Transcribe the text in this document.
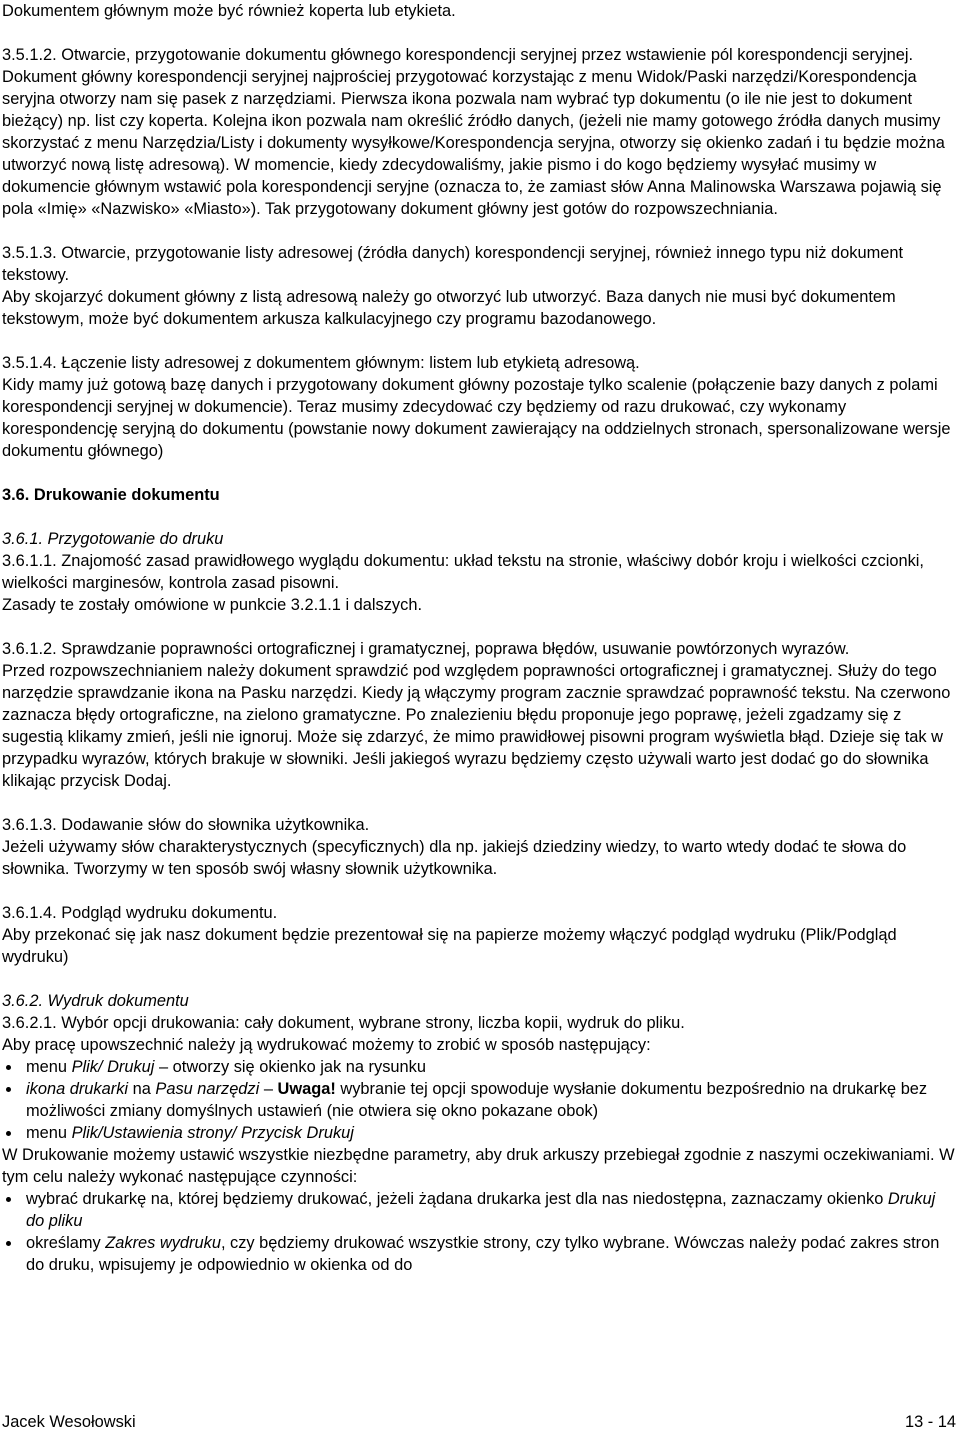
Dokumentem głównym może być również koperta lub etykieta.

3.5.1.2. Otwarcie, przygotowanie dokumentu głównego korespondencji seryjnej przez wstawienie pól korespondencji seryjnej.

Dokument główny korespondencji seryjnej najprościej przygotować korzystając z menu Widok/Paski narzędzi/Korespondencja seryjna otworzy nam się pasek z narzędziami. Pierwsza ikona pozwala nam wybrać typ dokumentu (o ile nie jest to dokument bieżący) np. list czy koperta. Kolejna ikon pozwala nam określić źródło danych, (jeżeli nie mamy gotowego źródła danych musimy skorzystać z menu Narzędzia/Listy i dokumenty wysyłkowe/Korespondencja seryjna, otworzy się okienko zadań i tu będzie można utworzyć nową listę adresową). W momencie, kiedy zdecydowaliśmy, jakie pismo i do kogo będziemy wysyłać musimy w dokumencie głównym wstawić pola korespondencji seryjne (oznacza to, że zamiast słów Anna Malinowska Warszawa pojawią się pola «Imię» «Nazwisko» «Miasto»). Tak przygotowany dokument główny jest gotów do rozpowszechniania.

3.5.1.3. Otwarcie, przygotowanie listy adresowej (źródła danych) korespondencji seryjnej, również innego typu niż dokument tekstowy.

Aby skojarzyć dokument główny z listą adresową należy go otworzyć lub utworzyć. Baza danych nie musi być dokumentem tekstowym, może być dokumentem arkusza kalkulacyjnego czy programu bazodanowego.

3.5.1.4. Łączenie listy adresowej z dokumentem głównym: listem lub etykietą adresową.

Kidy mamy już gotową bazę danych i przygotowany dokument główny pozostaje tylko scalenie (połączenie bazy danych z polami korespondencji seryjnej w dokumencie). Teraz musimy zdecydować czy będziemy od razu drukować, czy wykonamy korespondencję seryjną do dokumentu (powstanie nowy dokument zawierający na oddzielnych stronach, spersonalizowane wersje dokumentu głównego)

3.6. Drukowanie dokumentu

3.6.1. Przygotowanie do druku

3.6.1.1. Znajomość zasad prawidłowego wyglądu dokumentu: układ tekstu na stronie, właściwy dobór kroju i wielkości czcionki, wielkości marginesów, kontrola zasad pisowni.

Zasady te zostały omówione w punkcie 3.2.1.1 i dalszych.

3.6.1.2. Sprawdzanie poprawności ortograficznej i gramatycznej, poprawa błędów, usuwanie powtórzonych wyrazów.

Przed rozpowszechnianiem należy dokument sprawdzić pod względem poprawności ortograficznej i gramatycznej. Służy do tego narzędzie sprawdzanie ikona na Pasku narzędzi. Kiedy ją włączymy program zacznie sprawdzać poprawność tekstu. Na czerwono zaznacza błędy ortograficzne, na zielono gramatyczne. Po znalezieniu błędu proponuje jego poprawę, jeżeli zgadzamy się z sugestią klikamy zmień, jeśli nie ignoruj. Może się zdarzyć, że mimo prawidłowej pisowni program wyświetla błąd. Dzieje się tak w przypadku wyrazów, których brakuje w słowniki. Jeśli jakiegoś wyrazu będziemy często używali warto jest dodać go do słownika klikając przycisk Dodaj.

3.6.1.3. Dodawanie słów do słownika użytkownika.

Jeżeli używamy słów charakterystycznych (specyficznych) dla np. jakiejś dziedziny wiedzy, to warto wtedy dodać te słowa do słownika. Tworzymy w ten sposób swój własny słownik użytkownika.

3.6.1.4. Podgląd wydruku dokumentu.

Aby przekonać się jak nasz dokument będzie prezentował się na papierze możemy włączyć podgląd wydruku (Plik/Podgląd wydruku)

3.6.2. Wydruk dokumentu

3.6.2.1. Wybór opcji drukowania: cały dokument, wybrane strony, liczba kopii, wydruk do pliku.

Aby pracę upowszechnić należy ją wydrukować możemy to zrobić w sposób następujący:

menu Plik/ Drukuj – otworzy się okienko jak na rysunku
ikona drukarki na Pasu narzędzi – Uwaga! wybranie tej opcji spowoduje wysłanie dokumentu bezpośrednio na drukarkę bez możliwości zmiany domyślnych ustawień (nie otwiera się okno pokazane obok)
menu Plik/Ustawienia strony/ Przycisk Drukuj

W Drukowanie możemy ustawić wszystkie niezbędne parametry, aby druk arkuszy przebiegał zgodnie z naszymi oczekiwaniami. W tym celu należy wykonać następujące czynności:

wybrać drukarkę na, której będziemy drukować, jeżeli żądana drukarka jest dla nas niedostępna, zaznaczamy okienko Drukuj do pliku
określamy Zakres wydruku, czy będziemy drukować wszystkie strony, czy tylko wybrane. Wówczas należy podać zakres stron do druku, wpisujemy je odpowiednio w okienka od do
Jacek Wesołowski	13 - 14
